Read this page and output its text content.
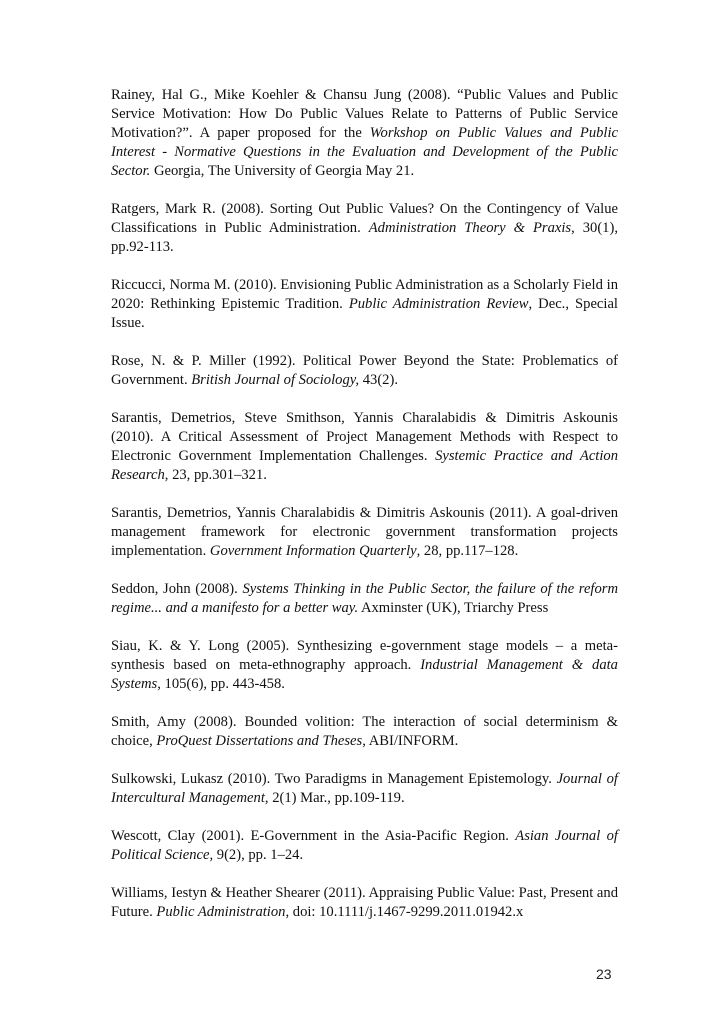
Rainey, Hal G., Mike Koehler & Chansu Jung (2008). “Public Values and Public Service Motivation: How Do Public Values Relate to Patterns of Public Service Motivation?”. A paper proposed for the Workshop on Public Values and Public Interest - Normative Questions in the Evaluation and Development of the Public Sector. Georgia, The University of Georgia May 21.

Ratgers, Mark R. (2008). Sorting Out Public Values? On the Contingency of Value Classifications in Public Administration. Administration Theory & Praxis, 30(1), pp.92-113.

Riccucci, Norma M. (2010). Envisioning Public Administration as a Scholarly Field in 2020: Rethinking Epistemic Tradition. Public Administration Review, Dec., Special Issue.

Rose, N. & P. Miller (1992). Political Power Beyond the State: Problematics of Government. British Journal of Sociology, 43(2).

Sarantis, Demetrios, Steve Smithson, Yannis Charalabidis & Dimitris Askounis (2010). A Critical Assessment of Project Management Methods with Respect to Electronic Government Implementation Challenges. Systemic Practice and Action Research, 23, pp.301–321.

Sarantis, Demetrios, Yannis Charalabidis & Dimitris Askounis (2011). A goal-driven management framework for electronic government transformation projects implementation. Government Information Quarterly, 28, pp.117–128.

Seddon, John (2008). Systems Thinking in the Public Sector, the failure of the reform regime... and a manifesto for a better way. Axminster (UK), Triarchy Press

Siau, K. & Y. Long (2005). Synthesizing e-government stage models – a meta-synthesis based on meta-ethnography approach. Industrial Management & data Systems, 105(6), pp. 443-458.

Smith, Amy (2008). Bounded volition: The interaction of social determinism & choice, ProQuest Dissertations and Theses, ABI/INFORM.

Sulkowski, Lukasz (2010). Two Paradigms in Management Epistemology. Journal of Intercultural Management, 2(1) Mar., pp.109-119.

Wescott, Clay (2001). E-Government in the Asia-Pacific Region. Asian Journal of Political Science, 9(2), pp. 1–24.

Williams, Iestyn & Heather Shearer (2011). Appraising Public Value: Past, Present and Future. Public Administration, doi: 10.1111/j.1467-9299.2011.01942.x

23
